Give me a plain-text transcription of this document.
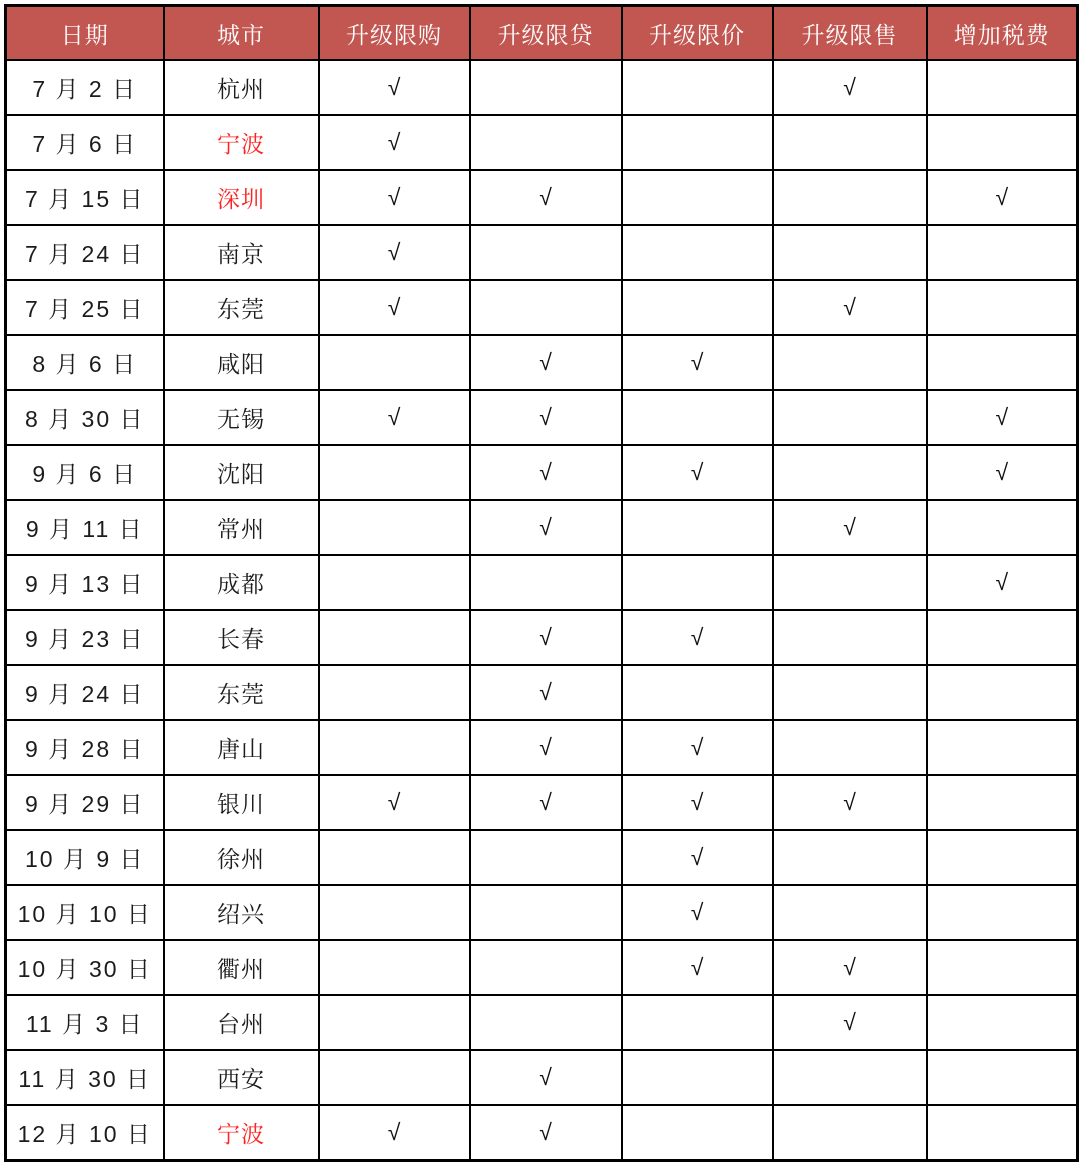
日期	城市	升级限购	升级限贷	升级限价	升级限售	增加税费
7 月 2 日	杭州	√			√	
7 月 6 日	宁波	√				
7 月 15 日	深圳	√	√			√
7 月 24 日	南京	√				
7 月 25 日	东莞	√			√	
8 月 6 日	咸阳		√	√		
8 月 30 日	无锡	√	√			√
9 月 6 日	沈阳		√	√		√
9 月 11 日	常州		√		√	
9 月 13 日	成都					√
9 月 23 日	长春		√	√		
9 月 24 日	东莞		√			
9 月 28 日	唐山		√	√		
9 月 29 日	银川	√	√	√	√	
10 月 9 日	徐州			√		
10 月 10 日	绍兴			√		
10 月 30 日	衢州			√	√	
11 月 3 日	台州				√	
11 月 30 日	西安		√			
12 月 10 日	宁波	√	√			
